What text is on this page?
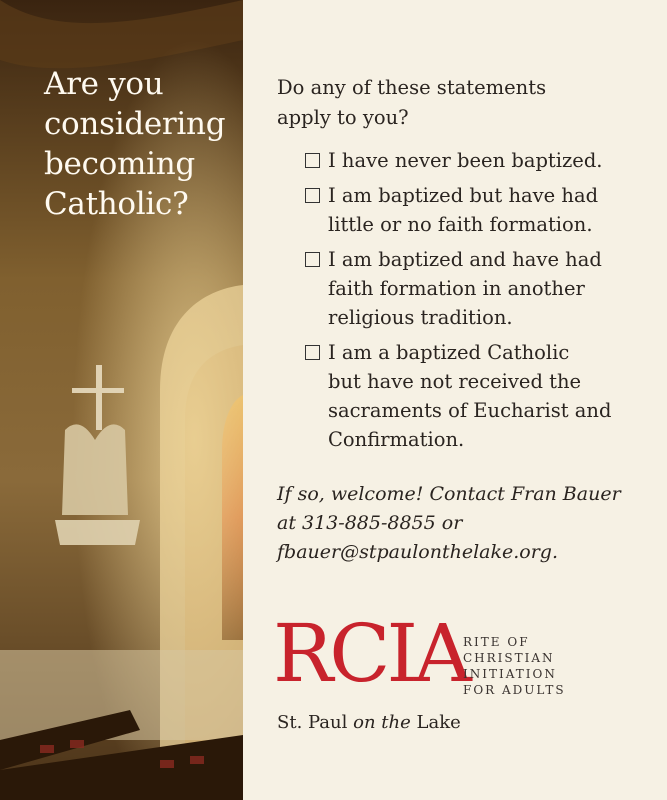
Are you
considering
becoming
Catholic?
Do any of these statements
apply to you?
I have never been baptized.
I am baptized but have had
little or no faith formation.
I am baptized and have had
faith formation in another
religious tradition.
I am a baptized Catholic
but have not received the
sacraments of Eucharist and
Confirmation.
If so, welcome! Contact Fran Bauer
at 313-885-8855 or
fbauer@stpaulonthelake.org.
RCIA
RITE OF
CHRISTIAN
INITIATION
FOR ADULTS
St. Paul on the Lake
